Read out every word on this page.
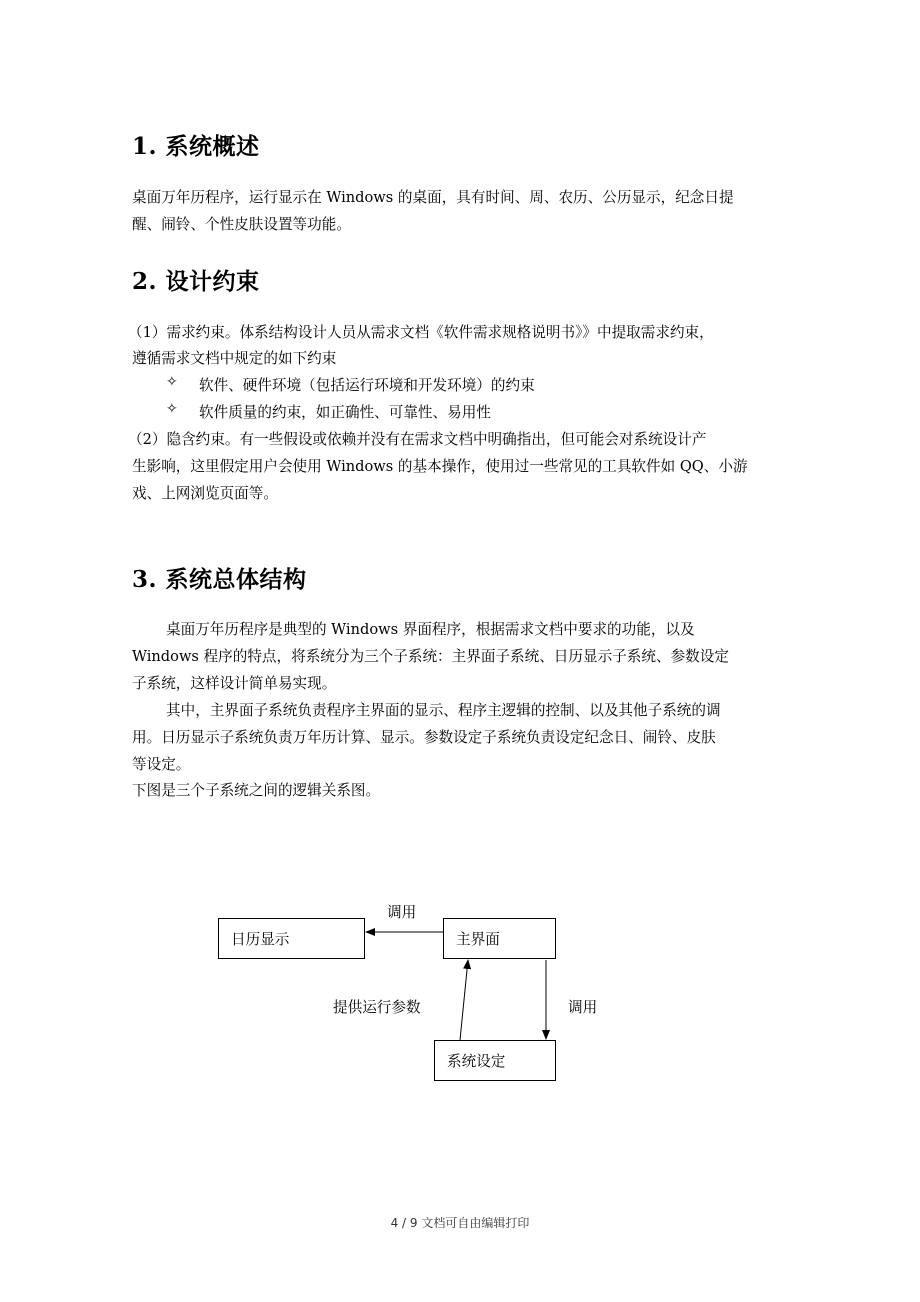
1. 系统概述
桌面万年历程序，运行显示在 Windows 的桌面，具有时间、周、农历、公历显示，纪念日提
醒、闹铃、个性皮肤设置等功能。
2. 设计约束
（1）需求约束。体系结构设计人员从需求文档《软件需求规格说明书》》中提取需求约束，
遵循需求文档中规定的如下约束
✧ 软件、硬件环境（包括运行环境和开发环境）的约束
✧ 软件质量的约束，如正确性、可靠性、易用性
（2）隐含约束。有一些假设或依赖并没有在需求文档中明确指出，但可能会对系统设计产
生影响，这里假定用户会使用 Windows 的基本操作，使用过一些常见的工具软件如 QQ、小游
戏、上网浏览页面等。
3. 系统总体结构
桌面万年历程序是典型的 Windows 界面程序，根据需求文档中要求的功能，以及
Windows 程序的特点，将系统分为三个子系统：主界面子系统、日历显示子系统、参数设定
子系统，这样设计简单易实现。
其中，主界面子系统负责程序主界面的显示、程序主逻辑的控制、以及其他子系统的调
用。日历显示子系统负责万年历计算、显示。参数设定子系统负责设定纪念日、闹铃、皮肤
等设定。
下图是三个子系统之间的逻辑关系图。
日历显示	主界面
系统设定
调用
提供运行参数	调用
4 / 9 文档可自由编辑打印
